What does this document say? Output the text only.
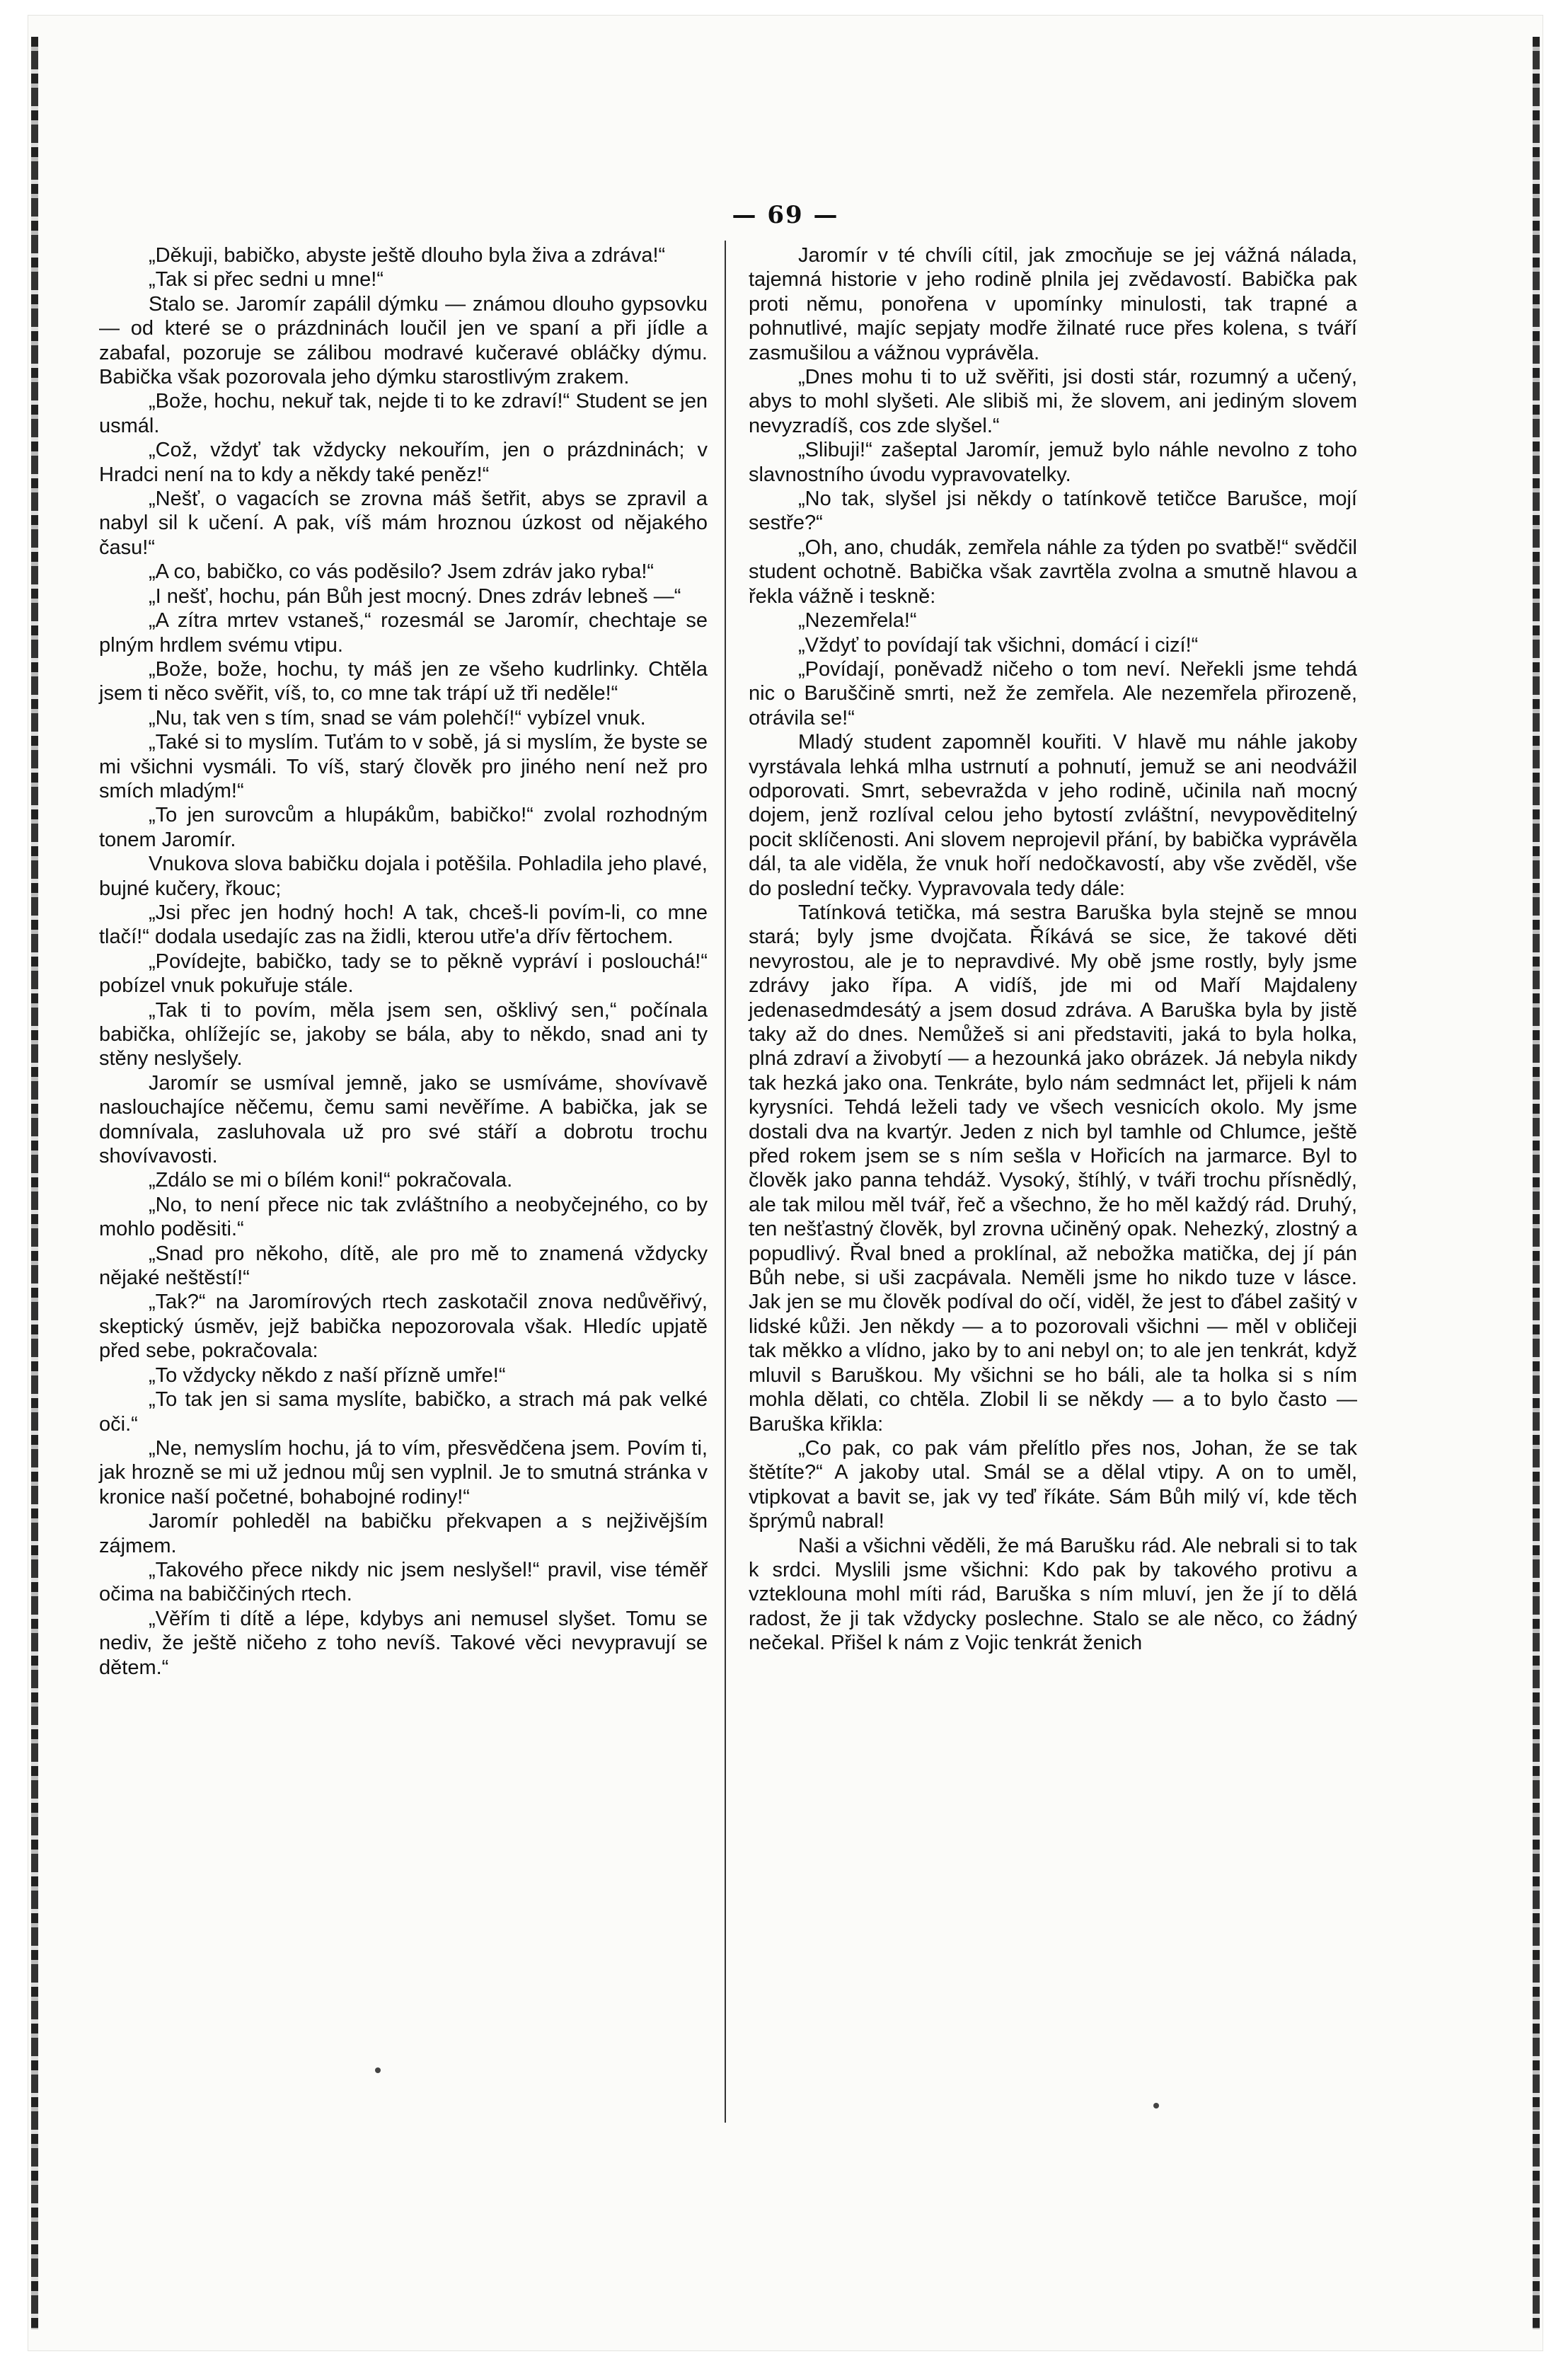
— 69 —

„Děkuji, babičko, abyste ještě dlouho byla živa a zdráva!“

„Tak si přec sedni u mne!“

Stalo se. Jaromír zapálil dýmku — známou dlouho gypsovku — od které se o prázdninách loučil jen ve spaní a při jídle a zabafal, pozoruje se zálibou modravé kučeravé obláčky dýmu. Babička však pozorovala jeho dýmku starostlivým zrakem.

„Bože, hochu, nekuř tak, nejde ti to ke zdraví!“ Student se jen usmál.

„Což, vždyť tak vždycky nekouřím, jen o prázdninách; v Hradci není na to kdy a někdy také peněz!“

„Nešť, o vagacích se zrovna máš šetřit, abys se zpravil a nabyl sil k učení. A pak, víš mám hroznou úzkost od nějakého času!“

„A co, babičko, co vás poděsilo? Jsem zdráv jako ryba!“

„I nešť, hochu, pán Bůh jest mocný. Dnes zdráv lebneš —“

„A zítra mrtev vstaneš,“ rozesmál se Jaromír, chechtaje se plným hrdlem svému vtipu.

„Bože, bože, hochu, ty máš jen ze všeho kudrlinky. Chtěla jsem ti něco svěřit, víš, to, co mne tak trápí už tři neděle!“

„Nu, tak ven s tím, snad se vám polehčí!“ vybízel vnuk.

„Také si to myslím. Tuťám to v sobě, já si myslím, že byste se mi všichni vysmáli. To víš, starý člověk pro jiného není než pro smích mladým!“

„To jen surovcům a hlupákům, babičko!“ zvolal rozhodným tonem Jaromír.

Vnukova slova babičku dojala i potěšila. Pohladila jeho plavé, bujné kučery, řkouc;

„Jsi přec jen hodný hoch! A tak, chceš-li povím-li, co mne tlačí!“ dodala usedajíc zas na židli, kterou utře'a dřív fěrtochem.

„Povídejte, babičko, tady se to pěkně vypráví i poslouchá!“ pobízel vnuk pokuřuje stále.

„Tak ti to povím, měla jsem sen, ošklivý sen,“ počínala babička, ohlížejíc se, jakoby se bála, aby to někdo, snad ani ty stěny neslyšely.

Jaromír se usmíval jemně, jako se usmíváme, shovívavě naslouchajíce něčemu, čemu sami nevěříme. A babička, jak se domnívala, zasluhovala už pro své stáří a dobrotu trochu shovívavosti.

„Zdálo se mi o bílém koni!“ pokračovala.

„No, to není přece nic tak zvláštního a neobyčejného, co by mohlo poděsiti.“

„Snad pro někoho, dítě, ale pro mě to znamená vždycky nějaké neštěstí!“

„Tak?“ na Jaromírových rtech zaskotačil znova nedůvěřivý, skeptický úsměv, jejž babička nepozorovala však. Hledíc upjatě před sebe, pokračovala:

„To vždycky někdo z naší přízně umře!“

„To tak jen si sama myslíte, babičko, a strach má pak velké oči.“

„Ne, nemyslím hochu, já to vím, přesvědčena jsem. Povím ti, jak hrozně se mi už jednou můj sen vyplnil. Je to smutná stránka v kronice naší početné, bohabojné rodiny!“

Jaromír pohleděl na babičku překvapen a s nejživějším zájmem.

„Takového přece nikdy nic jsem neslyšel!“ pravil, vise téměř očima na babiččiných rtech.

„Věřím ti dítě a lépe, kdybys ani nemusel slyšet. Tomu se nediv, že ještě ničeho z toho nevíš. Takové věci nevypravují se dětem.“

Jaromír v té chvíli cítil, jak zmocňuje se jej vážná nálada, tajemná historie v jeho rodině plnila jej zvědavostí. Babička pak proti němu, ponořena v upomínky minulosti, tak trapné a pohnutlivé, majíc sepjaty modře žilnaté ruce přes kolena, s tváří zasmušilou a vážnou vyprávěla.

„Dnes mohu ti to už svěřiti, jsi dosti stár, rozumný a učený, abys to mohl slyšeti. Ale slibiš mi, že slovem, ani jediným slovem nevyzradíš, cos zde slyšel.“

„Slibuji!“ zašeptal Jaromír, jemuž bylo náhle nevolno z toho slavnostního úvodu vypravovatelky.

„No tak, slyšel jsi někdy o tatínkově tetičce Barušce, mojí sestře?“

„Oh, ano, chudák, zemřela náhle za týden po svatbě!“ svědčil student ochotně. Babička však zavrtěla zvolna a smutně hlavou a řekla vážně i teskně:

„Nezemřela!“

„Vždyť to povídají tak všichni, domácí i cizí!“

„Povídají, poněvadž ničeho o tom neví. Neřekli jsme tehdá nic o Baruščině smrti, než že zemřela. Ale nezemřela přirozeně, otrávila se!“

Mladý student zapomněl kouřiti. V hlavě mu náhle jakoby vyrstávala lehká mlha ustrnutí a pohnutí, jemuž se ani neodvážil odporovati. Smrt, sebevražda v jeho rodině, učinila naň mocný dojem, jenž rozlíval celou jeho bytostí zvláštní, nevypověditelný pocit sklíčenosti. Ani slovem neprojevil přání, by babička vyprávěla dál, ta ale viděla, že vnuk hoří nedočkavostí, aby vše zvěděl, vše do poslední tečky. Vypravovala tedy dále:

Tatínková tetička, má sestra Baruška byla stejně se mnou stará; byly jsme dvojčata. Říkává se sice, že takové děti nevyrostou, ale je to nepravdivé. My obě jsme rostly, byly jsme zdrávy jako řípa. A vidíš, jde mi od Maří Majdaleny jedenasedmdesátý a jsem dosud zdráva. A Baruška byla by jistě taky až do dnes. Nemůžeš si ani představiti, jaká to byla holka, plná zdraví a živobytí — a hezounká jako obrázek. Já nebyla nikdy tak hezká jako ona. Tenkráte, bylo nám sedmnáct let, přijeli k nám kyrysníci. Tehdá leželi tady ve všech vesnicích okolo. My jsme dostali dva na kvartýr. Jeden z nich byl tamhle od Chlumce, ještě před rokem jsem se s ním sešla v Hořicích na jarmarce. Byl to člověk jako panna tehdáž. Vysoký, štíhlý, v tváři trochu přísnědlý, ale tak milou měl tvář, řeč a všechno, že ho měl každý rád. Druhý, ten nešťastný člověk, byl zrovna učiněný opak. Nehezký, zlostný a popudlivý. Řval bned a proklínal, až nebožka matička, dej jí pán Bůh nebe, si uši zacpávala. Neměli jsme ho nikdo tuze v lásce. Jak jen se mu člověk podíval do očí, viděl, že jest to ďábel zašitý v lidské kůži. Jen někdy — a to pozorovali všichni — měl v obličeji tak měkko a vlídno, jako by to ani nebyl on; to ale jen tenkrát, když mluvil s Baruškou. My všichni se ho báli, ale ta holka si s ním mohla dělati, co chtěla. Zlobil li se někdy — a to bylo často — Baruška křikla:

„Co pak, co pak vám přelítlo přes nos, Johan, že se tak štětíte?“ A jakoby utal. Smál se a dělal vtipy. A on to uměl, vtipkovat a bavit se, jak vy teď říkáte. Sám Bůh milý ví, kde těch šprýmů nabral!

Naši a všichni věděli, že má Barušku rád. Ale nebrali si to tak k srdci. Myslili jsme všichni: Kdo pak by takového protivu a vzteklouna mohl míti rád, Baruška s ním mluví, jen že jí to dělá radost, že ji tak vždycky poslechne. Stalo se ale něco, co žádný nečekal. Přišel k nám z Vojic tenkrát ženich
